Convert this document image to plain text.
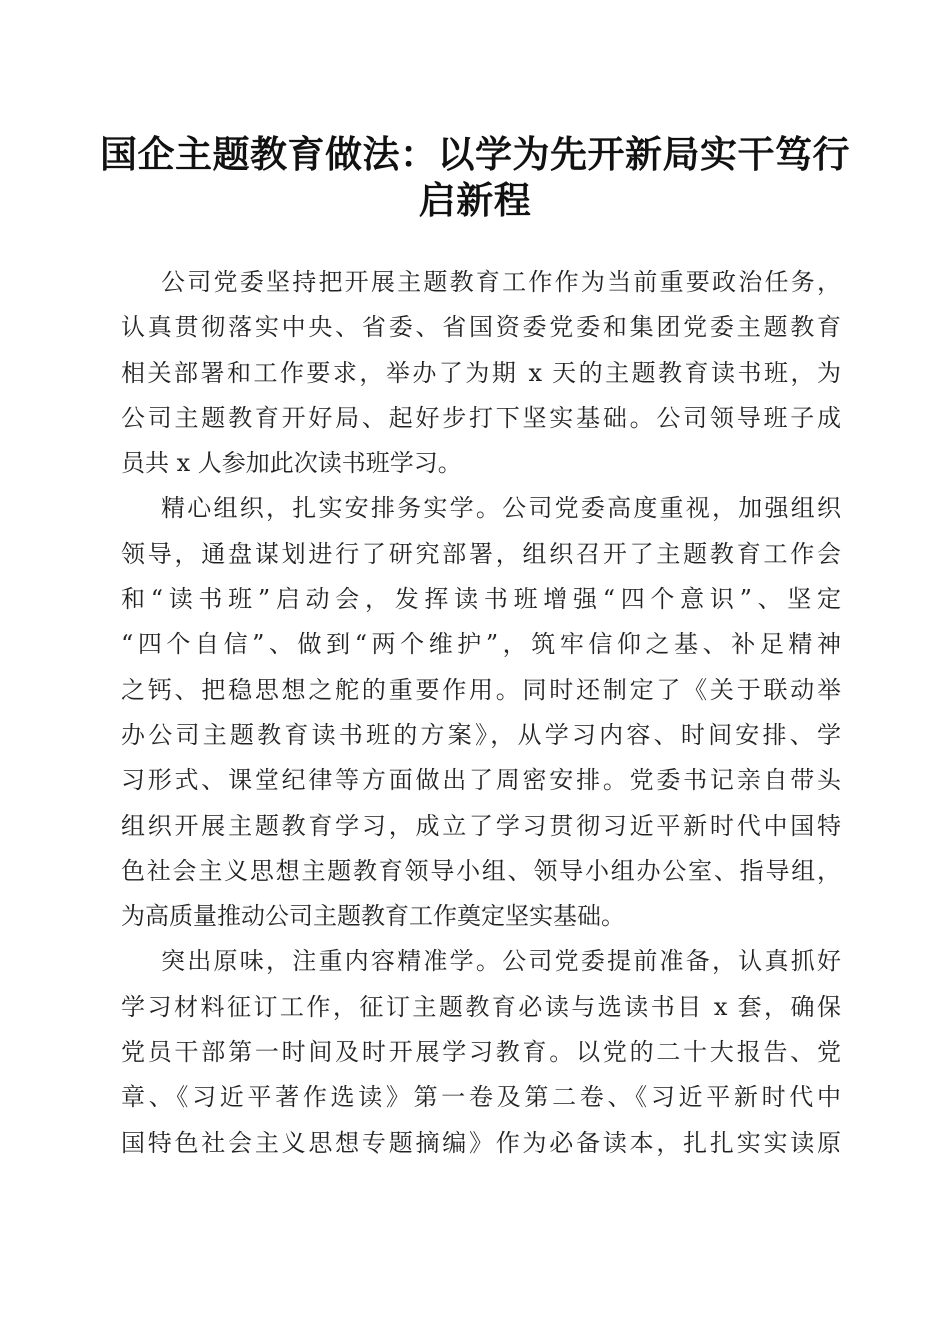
国企主题教育做法：以学为先开新局实干笃行
启新程
公司党委坚持把开展主题教育工作作为当前重要政治任务，
认真贯彻落实中央、省委、省国资委党委和集团党委主题教育
相关部署和工作要求，举办了为期 x 天的主题教育读书班，为
公司主题教育开好局、起好步打下坚实基础。公司领导班子成
员共 x 人参加此次读书班学习。
精心组织，扎实安排务实学。公司党委高度重视，加强组织
领导，通盘谋划进行了研究部署，组织召开了主题教育工作会
和“读书班”启动会，发挥读书班增强“四个意识”、坚定
“四个自信”、做到“两个维护”，筑牢信仰之基、补足精神
之钙、把稳思想之舵的重要作用。同时还制定了《关于联动举
办公司主题教育读书班的方案》，从学习内容、时间安排、学
习形式、课堂纪律等方面做出了周密安排。党委书记亲自带头
组织开展主题教育学习，成立了学习贯彻习近平新时代中国特
色社会主义思想主题教育领导小组、领导小组办公室、指导组，
为高质量推动公司主题教育工作奠定坚实基础。
突出原味，注重内容精准学。公司党委提前准备，认真抓好
学习材料征订工作，征订主题教育必读与选读书目 x 套，确保
党员干部第一时间及时开展学习教育。以党的二十大报告、党
章、《习近平著作选读》第一卷及第二卷、《习近平新时代中
国特色社会主义思想专题摘编》作为必备读本，扎扎实实读原
